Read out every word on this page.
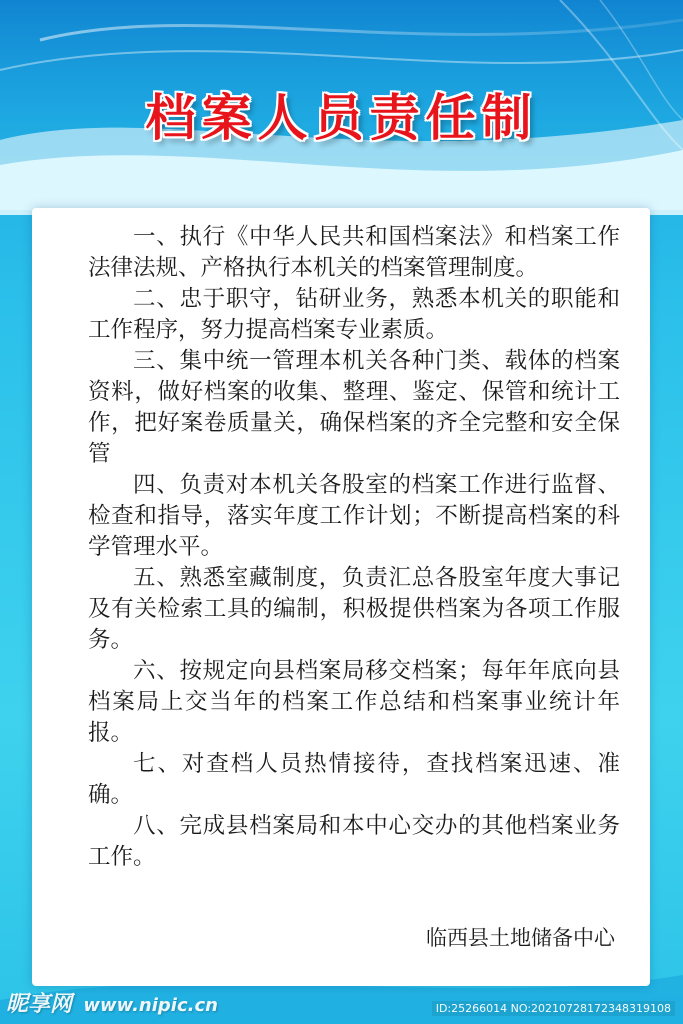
档案人员责任制

一、执行《中华人民共和国档案法》和档案工作法律法规、产格执行本机关的档案管理制度。

二、忠于职守，钻研业务，熟悉本机关的职能和工作程序，努力提高档案专业素质。

三、集中统一管理本机关各种门类、载体的档案资料，做好档案的收集、整理、鉴定、保管和统计工作，把好案卷质量关，确保档案的齐全完整和安全保管

四、负责对本机关各股室的档案工作进行监督、检查和指导，落实年度工作计划；不断提高档案的科学管理水平。

五、熟悉室藏制度，负责汇总各股室年度大事记及有关检索工具的编制，积极提供档案为各项工作服务。

六、按规定向县档案局移交档案；每年年底向县档案局上交当年的档案工作总结和档案事业统计年报。

七、对查档人员热情接待，查找档案迅速、准确。

八、完成县档案局和本中心交办的其他档案业务工作。

临西县土地储备中心
昵享网 www.nipic.cn	ID:25266014 NO:20210728172348319108
